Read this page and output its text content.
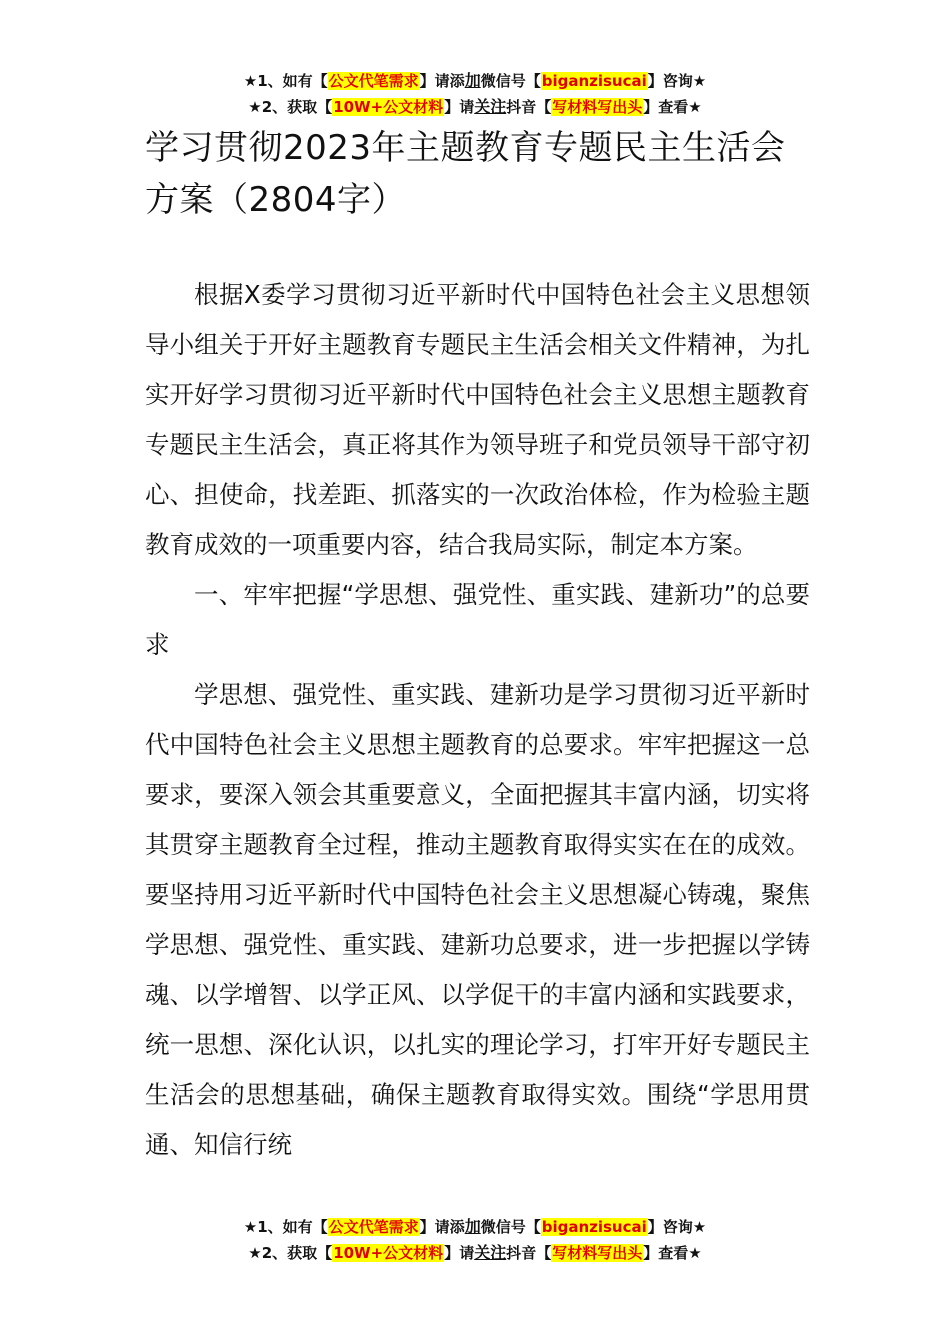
★1、如有【公文代笔需求】请添加微信号【biganzisucai】咨询★
★2、获取【10W+公文材料】请关注抖音【写材料写出头】查看★
学习贯彻2023年主题教育专题民主生活会方案（2804字）

根据X委学习贯彻习近平新时代中国特色社会主义思想领导小组关于开好主题教育专题民主生活会相关文件精神，为扎实开好学习贯彻习近平新时代中国特色社会主义思想主题教育专题民主生活会，真正将其作为领导班子和党员领导干部守初心、担使命，找差距、抓落实的一次政治体检，作为检验主题教育成效的一项重要内容，结合我局实际，制定本方案。

一、牢牢把握“学思想、强党性、重实践、建新功”的总要求

学思想、强党性、重实践、建新功是学习贯彻习近平新时代中国特色社会主义思想主题教育的总要求。牢牢把握这一总要求，要深入领会其重要意义，全面把握其丰富内涵，切实将其贯穿主题教育全过程，推动主题教育取得实实在在的成效。要坚持用习近平新时代中国特色社会主义思想凝心铸魂，聚焦学思想、强党性、重实践、建新功总要求，进一步把握以学铸魂、以学增智、以学正风、以学促干的丰富内涵和实践要求，统一思想、深化认识，以扎实的理论学习，打牢开好专题民主生活会的思想基础，确保主题教育取得实效。围绕“学思用贯通、知信行统

★1、如有【公文代笔需求】请添加微信号【biganzisucai】咨询★
★2、获取【10W+公文材料】请关注抖音【写材料写出头】查看★
